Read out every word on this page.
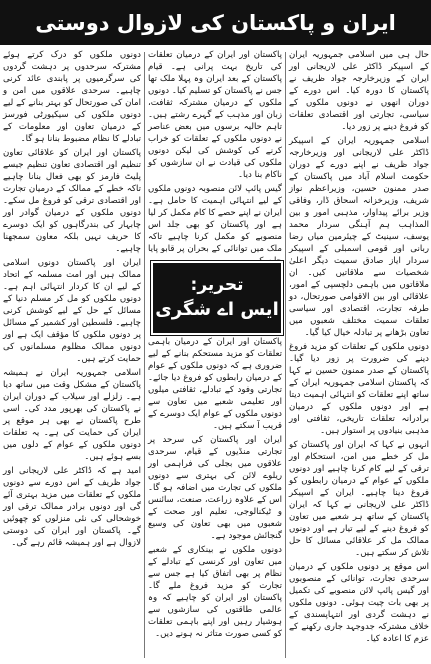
ایران و پاکستان کی لازوال دوستی

حال ہی میں اسلامی جمہوریہ ایران کے اسپیکر ڈاکٹر علی لاریجانی اور ایران کے وزیرخارجہ جواد ظریف نے پاکستان کا دورہ کیا۔ اس دورے کے دوران انھوں نے دونوں ملکوں کے سیاسی، تجارتی اور اقتصادی تعلقات کو فروغ دینے پر زور دیا۔

اسلامی جمہوریہ ایران کے اسپیکر ڈاکٹر علی لاریجانی اور وزیرخارجہ جواد ظریف نے اپنے دورے کے دوران حکومت اسلام آباد میں پاکستان کے صدر ممنون حسین، وزیراعظم نواز شریف، وزیرخزانہ اسحاق ڈار، وفاقی وزیر برائے پیداوار، مذہبی امور و بین المذاہب ہم آہنگی سردار محمد یوسف، سینیٹ کے چیئرمین میاں رضا ربانی اور قومی اسمبلی کے اسپیکر سردار ایاز صادق سمیت دیگر اعلیٰ شخصیات سے ملاقاتیں کیں۔ ان ملاقاتوں میں باہمی دلچسپی کے امور، علاقائی اور بین الاقوامی صورتحال، دو طرفہ تجارت، اقتصادی اور سیاسی تعلقات سمیت مختلف شعبوں میں تعاون بڑھانے پر تبادلہ خیال کیا گیا۔

دونوں ملکوں کے تعلقات کو مزید فروغ دینے کی ضرورت پر زور دیا گیا۔ پاکستان کے صدر ممنون حسین نے کہا کہ پاکستان اسلامی جمہوریہ ایران کے ساتھ اپنے تعلقات کو انتہائی اہمیت دیتا ہے اور دونوں ملکوں کے درمیان برادرانہ تعلقات تاریخی، ثقافتی اور مذہبی بنیادوں پر استوار ہیں۔

انہوں نے کہا کہ ایران اور پاکستان کو مل کر خطے میں امن، استحکام اور ترقی کے لیے کام کرنا چاہیے اور دونوں ملکوں کے عوام کے درمیان رابطوں کو فروغ دینا چاہیے۔ ایران کے اسپیکر ڈاکٹر علی لاریجانی نے کہا کہ ایران پاکستان کے ساتھ ہر شعبے میں تعاون کو فروغ دینے کے لیے تیار ہے اور دونوں ممالک مل کر علاقائی مسائل کا حل تلاش کر سکتے ہیں۔

اس موقع پر دونوں ملکوں کے درمیان سرحدی تجارت، توانائی کے منصوبوں اور گیس پائپ لائن منصوبے کی تکمیل پر بھی بات چیت ہوئی۔ دونوں ملکوں نے دہشت گردی اور انتہاپسندی کے خلاف مشترکہ جدوجہد جاری رکھنے کے عزم کا اعادہ کیا۔

پاکستان اور ایران کے درمیان تعلقات کی تاریخ بہت پرانی ہے۔ قیام پاکستان کے بعد ایران وہ پہلا ملک تھا جس نے پاکستان کو تسلیم کیا۔ دونوں ملکوں کے درمیان مشترکہ ثقافت، زبان اور مذہب کے گہرے رشتے ہیں۔ تاہم حالیہ برسوں میں بعض عناصر نے دونوں ملکوں کے تعلقات کو خراب کرنے کی کوشش کی لیکن دونوں ملکوں کی قیادت نے ان سازشوں کو ناکام بنا دیا۔

گیس پائپ لائن منصوبہ دونوں ملکوں کے لیے انتہائی اہمیت کا حامل ہے۔ ایران نے اپنے حصے کا کام مکمل کر لیا ہے اور پاکستان کو بھی جلد اس منصوبے کو مکمل کرنا چاہیے تاکہ ملک میں توانائی کے بحران پر قابو پایا

پاکستان اور ایران کے درمیان باہمی تعلقات کو مزید مستحکم بنانے کے لیے ضروری ہے کہ دونوں ملکوں کے عوام کے درمیان رابطوں کو فروغ دیا جائے۔ تجارتی وفود کے تبادلے، ثقافتی میلوں اور تعلیمی شعبے میں تعاون سے دونوں ملکوں کے عوام ایک دوسرے کے قریب آ سکتے ہیں۔

ایران اور پاکستان کی سرحد پر تجارتی منڈیوں کے قیام، سرحدی علاقوں میں بجلی کی فراہمی اور ریلوے لائن کی بہتری سے دونوں ملکوں کی تجارت میں اضافہ ہو گا۔ اس کے علاوہ زراعت، صنعت، سائنس و ٹیکنالوجی، تعلیم اور صحت کے شعبوں میں بھی تعاون کی وسیع گنجائش موجود ہے۔

دونوں ملکوں نے بینکاری کے شعبے میں تعاون اور کرنسی کے تبادلے کے نظام پر بھی اتفاق کیا ہے جس سے تجارت کو مزید فروغ ملے گا۔ پاکستان اور ایران کو چاہیے کہ وہ عالمی طاقتوں کی سازشوں سے ہوشیار رہیں اور اپنے باہمی تعلقات کو کسی صورت متاثر نہ ہونے دیں۔

تحریر:
ایس اے شگری

دونوں ملکوں کو درک کرتے ہوئے مشترکہ سرحدوں پر دہشت گردوں کی سرگرمیوں پر پابندی عائد کرنی چاہیے۔ سرحدی علاقوں میں امن و امان کی صورتحال کو بہتر بنانے کے لیے دونوں ملکوں کی سیکیورٹی فورسز کے درمیان تعاون اور معلومات کے تبادلے کا نظام مضبوط بنانا ہو گا۔

پاکستان اور ایران کو علاقائی تعاون تنظیم اور اقتصادی تعاون تنظیم جیسے پلیٹ فارمز کو بھی فعال بنانا چاہیے تاکہ خطے کے ممالک کے درمیان تجارت اور اقتصادی ترقی کو فروغ مل سکے۔ دونوں ملکوں کے درمیان گوادر اور چابہار کی بندرگاہوں کو ایک دوسرے کا حریف نہیں بلکہ معاون سمجھنا چاہیے۔

ایران اور پاکستان دونوں اسلامی ممالک ہیں اور امت مسلمہ کے اتحاد کے لیے ان کا کردار انتہائی اہم ہے۔ دونوں ملکوں کو مل کر مسلم دنیا کے مسائل کے حل کے لیے کوشش کرنی چاہیے۔ فلسطین اور کشمیر کے مسائل پر دونوں ملکوں کا مؤقف ایک ہے اور دونوں ممالک مظلوم مسلمانوں کی حمایت کرتے ہیں۔

اسلامی جمہوریہ ایران نے ہمیشہ پاکستان کے مشکل وقت میں ساتھ دیا ہے۔ زلزلے اور سیلاب کے دوران ایران نے پاکستان کی بھرپور مدد کی۔ اسی طرح پاکستان نے بھی ہر موقع پر ایران کی حمایت کی ہے۔ یہ تعلقات دونوں ملکوں کے عوام کے دلوں میں بسے ہوئے ہیں۔

امید ہے کہ ڈاکٹر علی لاریجانی اور جواد ظریف کے اس دورے سے دونوں ملکوں کے تعلقات میں مزید بہتری آئے گی اور دونوں برادر ممالک ترقی اور خوشحالی کی نئی منزلوں کو چھوئیں گے۔ پاکستان اور ایران کی دوستی لازوال ہے اور ہمیشہ قائم رہے گی۔
